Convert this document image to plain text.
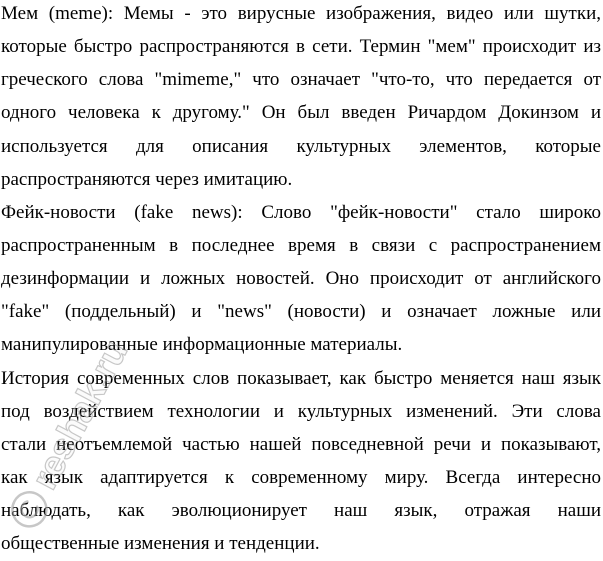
Мем (meme): Мемы - это вирусные изображения, видео или шутки,
которые быстро распространяются в сети. Термин "мем" происходит из
греческого слова "mimeme," что означает "что-то, что передается от
одного человека к другому." Он был введен Ричардом Докинзом и
используется для описания культурных элементов, которые
распространяются через имитацию.
Фейк-новости (fake news): Слово "фейк-новости" стало широко
распространенным в последнее время в связи с распространением
дезинформации и ложных новостей. Оно происходит от английского
"fake" (поддельный) и "news" (новости) и означает ложные или
манипулированные информационные материалы.
История современных слов показывает, как быстро меняется наш язык
под воздействием технологии и культурных изменений. Эти слова
стали неотъемлемой частью нашей повседневной речи и показывают,
как язык адаптируется к современному миру. Всегда интересно
наблюдать, как эволюционирует наш язык, отражая наши
общественные изменения и тенденции.
reshak.ru
